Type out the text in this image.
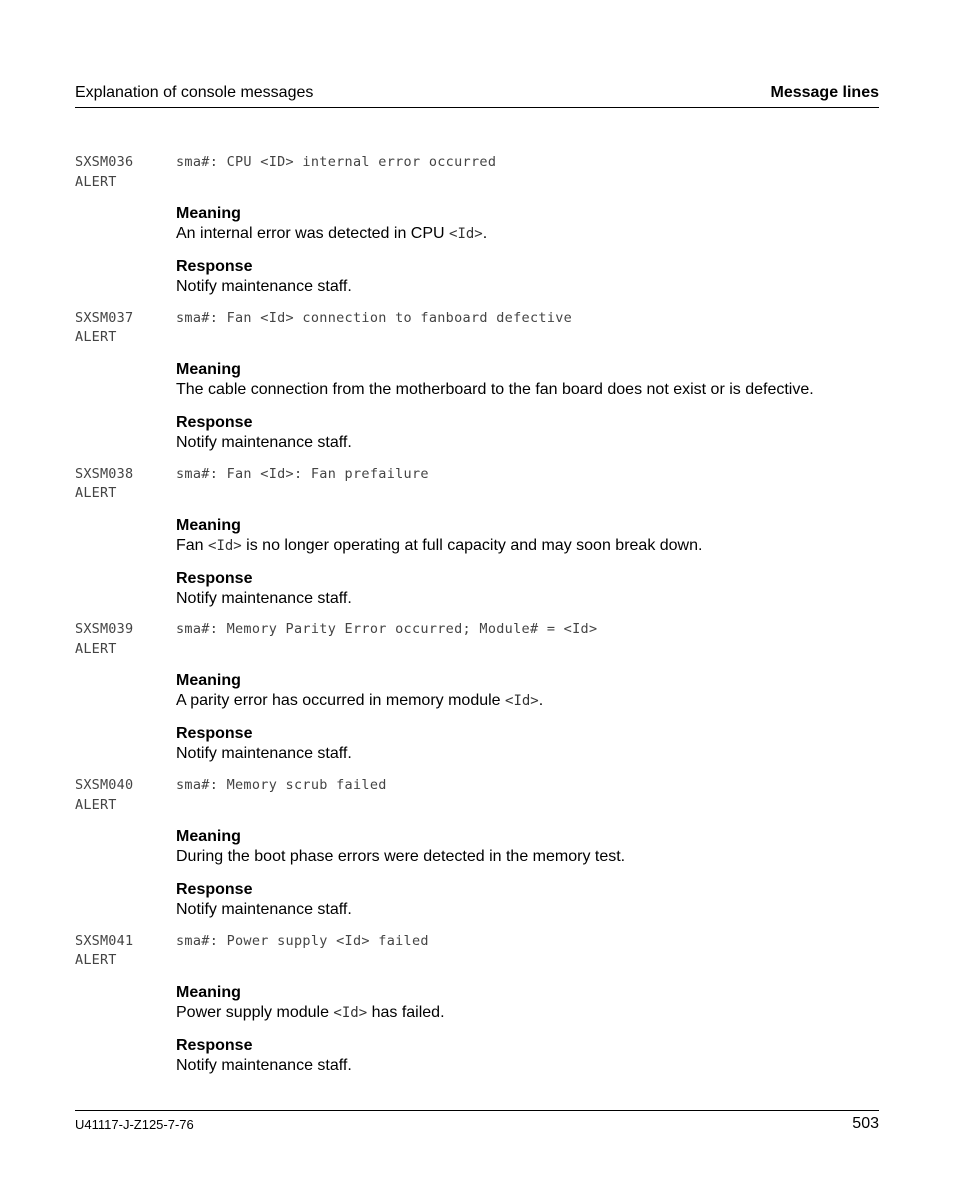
Explanation of console messages	Message lines
SXSM036
ALERT
sma#: CPU <ID> internal error occurred
Meaning
An internal error was detected in CPU <Id>.
Response
Notify maintenance staff.
SXSM037
ALERT
sma#: Fan <Id> connection to fanboard defective
Meaning
The cable connection from the motherboard to the fan board does not exist or is defective.
Response
Notify maintenance staff.
SXSM038
ALERT
sma#: Fan <Id>: Fan prefailure
Meaning
Fan <Id> is no longer operating at full capacity and may soon break down.
Response
Notify maintenance staff.
SXSM039
ALERT
sma#: Memory Parity Error occurred; Module# = <Id>
Meaning
A parity error has occurred in memory module <Id>.
Response
Notify maintenance staff.
SXSM040
ALERT
sma#: Memory scrub failed
Meaning
During the boot phase errors were detected in the memory test.
Response
Notify maintenance staff.
SXSM041
ALERT
sma#: Power supply <Id> failed
Meaning
Power supply module <Id> has failed.
Response
Notify maintenance staff.
U41117-J-Z125-7-76	503
